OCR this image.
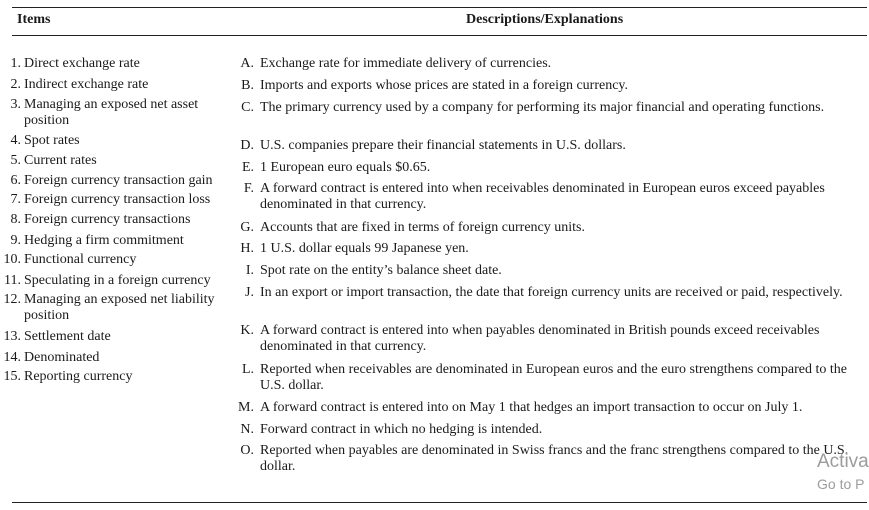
Items	Descriptions/Explanations
1. Direct exchange rate
2. Indirect exchange rate
3. Managing an exposed net asset position
4. Spot rates
5. Current rates
6. Foreign currency transaction gain
7. Foreign currency transaction loss
8. Foreign currency transactions
9. Hedging a firm commitment
10. Functional currency
11. Speculating in a foreign currency
12. Managing an exposed net liability position
13. Settlement date
14. Denominated
15. Reporting currency
A. Exchange rate for immediate delivery of currencies.
B. Imports and exports whose prices are stated in a foreign currency.
C. The primary currency used by a company for performing its major financial and operating functions.
D. U.S. companies prepare their financial statements in U.S. dollars.
E. 1 European euro equals $0.65.
F. A forward contract is entered into when receivables denominated in European euros exceed payables denominated in that currency.
G. Accounts that are fixed in terms of foreign currency units.
H. 1 U.S. dollar equals 99 Japanese yen.
I. Spot rate on the entity’s balance sheet date.
J. In an export or import transaction, the date that foreign currency units are received or paid, respectively.
K. A forward contract is entered into when payables denominated in British pounds exceed receivables denominated in that currency.
L. Reported when receivables are denominated in European euros and the euro strengthens compared to the U.S. dollar.
M. A forward contract is entered into on May 1 that hedges an import transaction to occur on July 1.
N. Forward contract in which no hedging is intended.
O. Reported when payables are denominated in Swiss francs and the franc strengthens compared to the U.S. dollar.	Activa
Go to P
